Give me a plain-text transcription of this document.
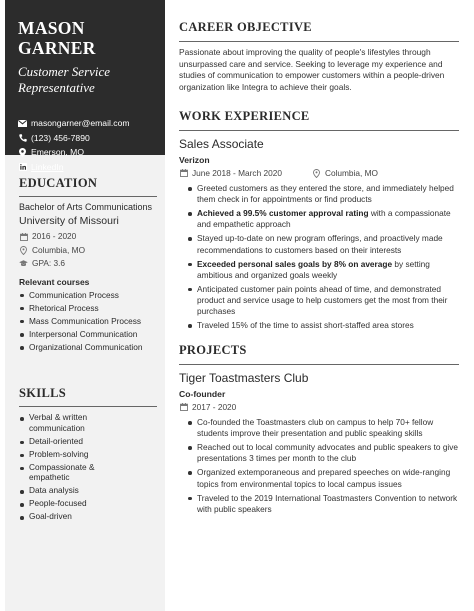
MASON GARNER
Customer Service Representative
masongarner@email.com
(123) 456-7890
Emerson, MO
LinkedIn
EDUCATION
Bachelor of Arts Communications
University of Missouri
2016 - 2020
Columbia, MO
GPA: 3.6
Relevant courses
Communication Process
Rhetorical Process
Mass Communication Process
Interpersonal Communication
Organizational Communication
SKILLS
Verbal & written communication
Detail-oriented
Problem-solving
Compassionate & empathetic
Data analysis
People-focused
Goal-driven
CAREER OBJECTIVE
Passionate about improving the quality of people's lifestyles through unsurpassed care and service. Seeking to leverage my experience and studies of communication to empower customers within a people-driven organization like Integra to achieve their goals.
WORK EXPERIENCE
Sales Associate
Verizon
June 2018 - March 2020	Columbia, MO
Greeted customers as they entered the store, and immediately helped them check in for appointments or find products
Achieved a 99.5% customer approval rating with a compassionate and empathetic approach
Stayed up-to-date on new program offerings, and proactively made recommendations to customers based on their interests
Exceeded personal sales goals by 8% on average by setting ambitious and organized goals weekly
Anticipated customer pain points ahead of time, and demonstrated product and service usage to help customers get the most from their purchases
Traveled 15% of the time to assist short-staffed area stores
PROJECTS
Tiger Toastmasters Club
Co-founder
2017 - 2020
Co-founded the Toastmasters club on campus to help 70+ fellow students improve their presentation and public speaking skills
Reached out to local community advocates and public speakers to give presentations 3 times per month to the club
Organized extemporaneous and prepared speeches on wide-ranging topics from environmental topics to local campus issues
Traveled to the 2019 International Toastmasters Convention to network with public speakers
